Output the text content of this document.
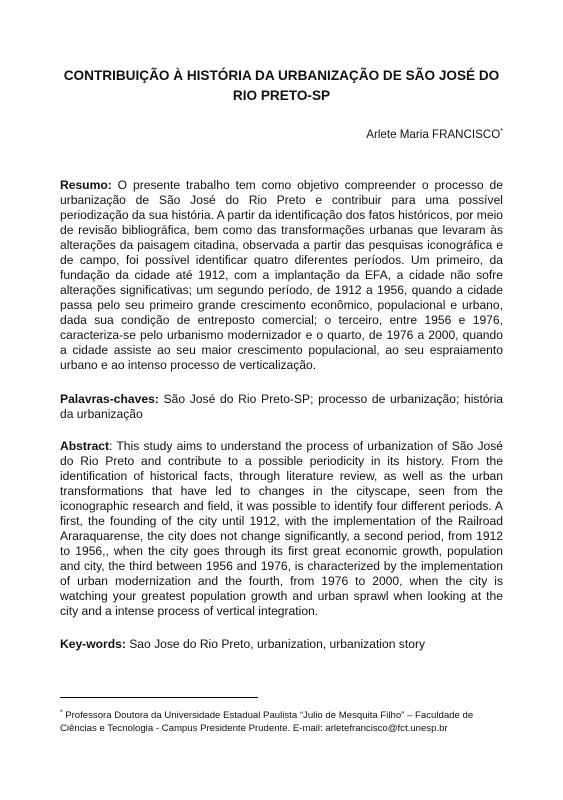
CONTRIBUIÇÃO À HISTÓRIA DA URBANIZAÇÃO DE SÃO JOSÉ DO RIO PRETO-SP
Arlete Maria FRANCISCO*

Resumo: O presente trabalho tem como objetivo compreender o processo de urbanização de São José do Rio Preto e contribuir para uma possível periodização da sua história. A partir da identificação dos fatos históricos, por meio de revisão bibliográfica, bem como das transformações urbanas que levaram às alterações da paisagem citadina, observada a partir das pesquisas iconográfica e de campo, foi possível identificar quatro diferentes períodos. Um primeiro, da fundação da cidade até 1912, com a implantação da EFA, a cidade não sofre alterações significativas; um segundo período, de 1912 a 1956, quando a cidade passa pelo seu primeiro grande crescimento econômico, populacional e urbano, dada sua condição de entreposto comercial; o terceiro, entre 1956 e 1976, caracteriza-se pelo urbanismo modernizador e o quarto, de 1976 a 2000, quando a cidade assiste ao seu maior crescimento populacional, ao seu espraiamento urbano e ao intenso processo de verticalização.

Palavras-chaves: São José do Rio Preto-SP; processo de urbanização; história da urbanização

Abstract: This study aims to understand the process of urbanization of São José do Rio Preto and contribute to a possible periodicity in its history. From the identification of historical facts, through literature review, as well as the urban transformations that have led to changes in the cityscape, seen from the iconographic research and field, it was possible to identify four different periods. A first, the founding of the city until 1912, with the implementation of the Railroad Araraquarense, the city does not change significantly, a second period, from 1912 to 1956,, when the city goes through its first great economic growth, population and city, the third between 1956 and 1976, is characterized by the implementation of urban modernization and the fourth, from 1976 to 2000, when the city is watching your greatest population growth and urban sprawl when looking at the city and a intense process of vertical integration.

Key-words: Sao Jose do Rio Preto, urbanization, urbanization story

* Professora Doutora da Universidade Estadual Paulista “Julio de Mesquita Filho” – Faculdade de Ciências e Tecnologia - Campus Presidente Prudente. E-mail: arletefrancisco@fct.unesp.br
